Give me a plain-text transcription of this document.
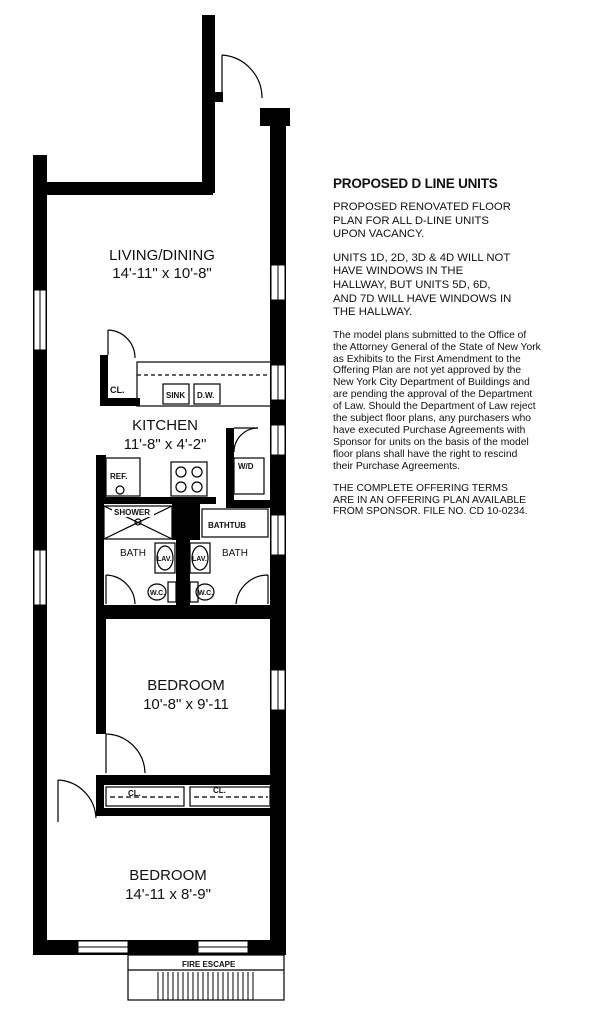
CL.
SINK D.W.
REF.
W/D
SHOWER
BATHTUB
BATH	BATH
LAV.	LAV.
W.C.	W.C.
CL.	CL.
FIRE ESCAPE
LIVING/DINING
14'-11" x 10'-8"
KITCHEN
11'-8" x 4'-2"
BEDROOM
10'-8" x 9'-11
BEDROOM
14'-11 x 8'-9"
PROPOSED D LINE UNITS
PROPOSED RENOVATED FLOOR
PLAN FOR ALL D-LINE UNITS
UPON VACANCY.
UNITS 1D, 2D, 3D & 4D WILL NOT
HAVE WINDOWS IN THE
HALLWAY, BUT UNITS 5D, 6D,
AND 7D WILL HAVE WINDOWS IN
THE HALLWAY.
The model plans submitted to the Office of
the Attorney General of the State of New York
as Exhibits to the First Amendment to the
Offering Plan are not yet approved by the
New York City Department of Buildings and
are pending the approval of the Department
of Law. Should the Department of Law reject
the subject floor plans, any purchasers who
have executed Purchase Agreements with
Sponsor for units on the basis of the model
floor plans shall have the right to rescind
their Purchase Agreements.
THE COMPLETE OFFERING TERMS
ARE IN AN OFFERING PLAN AVAILABLE
FROM SPONSOR. FILE NO. CD 10-0234.
